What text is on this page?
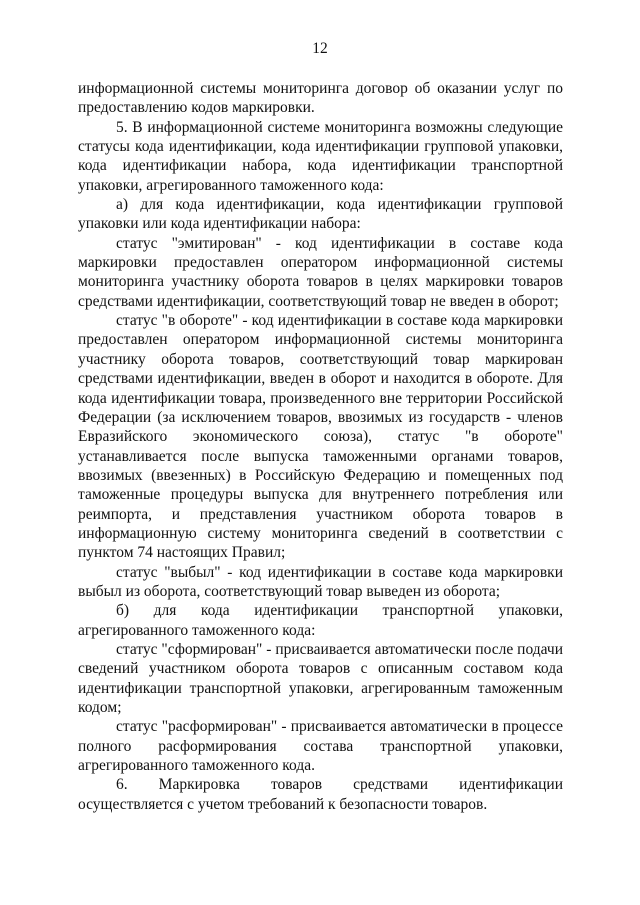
12

информационной системы мониторинга договор об оказании услуг по предоставлению кодов маркировки.

5. В информационной системе мониторинга возможны следующие статусы кода идентификации, кода идентификации групповой упаковки, кода идентификации набора, кода идентификации транспортной упаковки, агрегированного таможенного кода:

а) для кода идентификации, кода идентификации групповой упаковки или кода идентификации набора:

статус "эмитирован" - код идентификации в составе кода маркировки предоставлен оператором информационной системы мониторинга участнику оборота товаров в целях маркировки товаров средствами идентификации, соответствующий товар не введен в оборот;

статус "в обороте" - код идентификации в составе кода маркировки предоставлен оператором информационной системы мониторинга участнику оборота товаров, соответствующий товар маркирован средствами идентификации, введен в оборот и находится в обороте. Для кода идентификации товара, произведенного вне территории Российской Федерации (за исключением товаров, ввозимых из государств - членов Евразийского экономического союза), статус "в обороте" устанавливается после выпуска таможенными органами товаров, ввозимых (ввезенных) в Российскую Федерацию и помещенных под таможенные процедуры выпуска для внутреннего потребления или реимпорта, и представления участником оборота товаров в информационную систему мониторинга сведений в соответствии с пунктом 74 настоящих Правил;

статус "выбыл" - код идентификации в составе кода маркировки выбыл из оборота, соответствующий товар выведен из оборота;

б) для кода идентификации транспортной упаковки, агрегированного таможенного кода:

статус "сформирован" - присваивается автоматически после подачи сведений участником оборота товаров с описанным составом кода идентификации транспортной упаковки, агрегированным таможенным кодом;

статус "расформирован" - присваивается автоматически в процессе полного расформирования состава транспортной упаковки, агрегированного таможенного кода.

6. Маркировка товаров средствами идентификации осуществляется с учетом требований к безопасности товаров.
